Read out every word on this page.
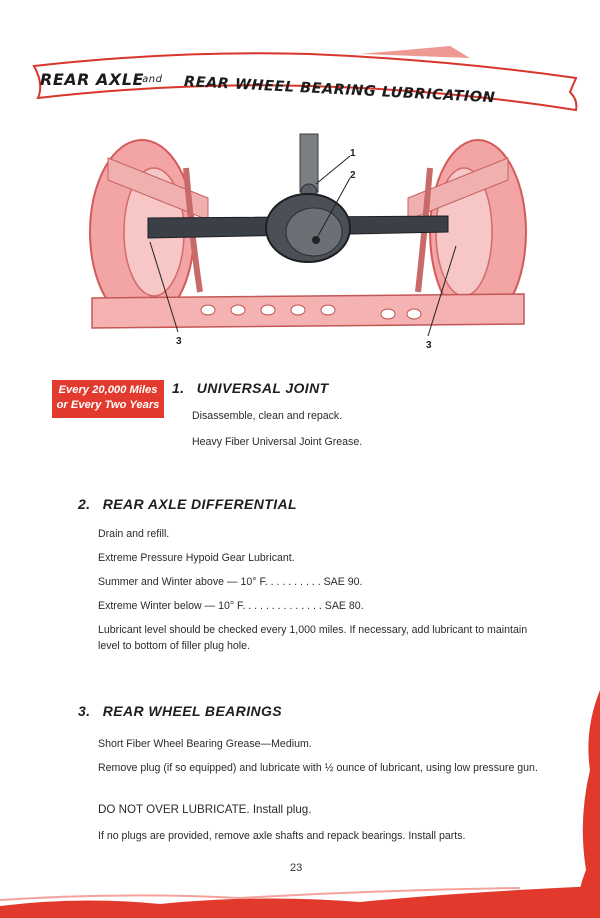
REAR AXLE
-and REAR WHEEL BEARING LUBRICATION
1
2
3	3
Every 20,000 Miles
or Every Two Years
1. UNIVERSAL JOINT
Disassemble, clean and repack.
Heavy Fiber Universal Joint Grease.
2. REAR AXLE DIFFERENTIAL
Drain and refill.
Extreme Pressure Hypoid Gear Lubricant.
Summer and Winter above — 10° F. . . . . . . . . . SAE 90.
Extreme Winter below — 10° F. . . . . . . . . . . . . . SAE 80.
Lubricant level should be checked every 1,000 miles. If necessary, add lubricant to maintain level to bottom of filler plug hole.
3. REAR WHEEL BEARINGS
Short Fiber Wheel Bearing Grease—Medium.
Remove plug (if so equipped) and lubricate with ½ ounce of lubricant, using low pressure gun.
DO NOT OVER LUBRICATE. Install plug.
If no plugs are provided, remove axle shafts and repack bearings. Install parts.
23
